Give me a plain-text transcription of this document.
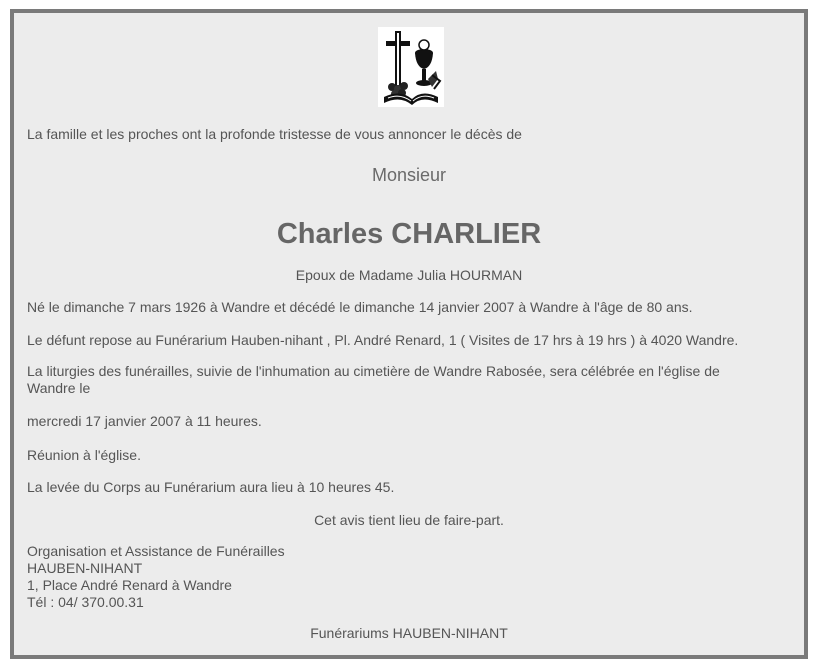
La famille et les proches ont la profonde tristesse de vous annoncer le décès de
Monsieur
Charles CHARLIER
Epoux de Madame Julia HOURMAN
Né le dimanche 7 mars 1926 à Wandre et décédé le dimanche 14 janvier 2007 à Wandre à l'âge de 80 ans.
Le défunt repose au Funérarium Hauben-nihant , Pl. André Renard, 1 ( Visites de 17 hrs à 19 hrs ) à 4020 Wandre.
La liturgies des funérailles, suivie de l'inhumation au cimetière de Wandre Rabosée, sera célébrée en l'église de Wandre le
mercredi 17 janvier 2007 à 11 heures.
Réunion à l'église.
La levée du Corps au Funérarium aura lieu à 10 heures 45.
Cet avis tient lieu de faire-part.
Organisation et Assistance de Funérailles
HAUBEN-NIHANT
1, Place André Renard à Wandre
Tél : 04/ 370.00.31
Funérariums HAUBEN-NIHANT
